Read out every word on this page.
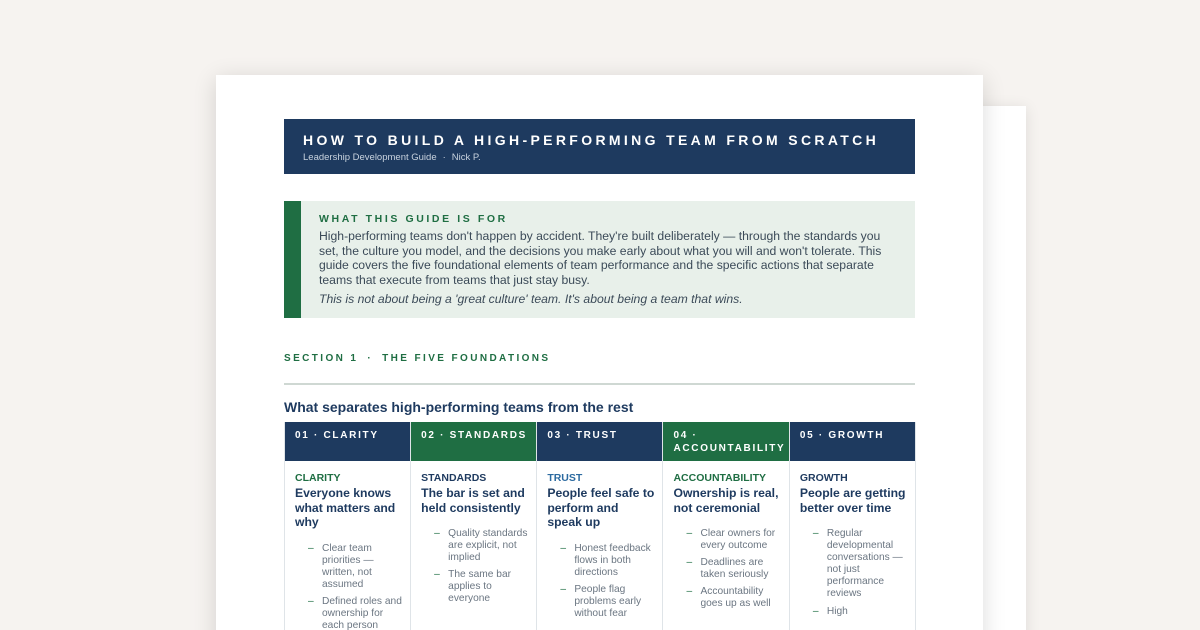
HOW TO BUILD A HIGH-PERFORMING TEAM FROM SCRATCH
Leadership Development Guide · Nick P.
WHAT THIS GUIDE IS FOR
High-performing teams don't happen by accident. They're built deliberately — through the standards you set, the culture you model, and the decisions you make early about what you will and won't tolerate. This guide covers the five foundational elements of team performance and the specific actions that separate teams that execute from teams that just stay busy.
This is not about being a 'great culture' team. It's about being a team that wins.
SECTION 1 · THE FIVE FOUNDATIONS
What separates high-performing teams from the rest
01 · CLARITY
CLARITY
Everyone knows what matters and why
– Clear team priorities — written, not assumed
– Defined roles and ownership for each person
02 · STANDARDS
STANDARDS
The bar is set and held consistently
– Quality standards are explicit, not implied
– The same bar applies to everyone
03 · TRUST
TRUST
People feel safe to perform and speak up
– Honest feedback flows in both directions
– People flag problems early without fear
04 · ACCOUNTABILITY
ACCOUNTABILITY
Ownership is real, not ceremonial
– Clear owners for every outcome
– Deadlines are taken seriously
– Accountability goes up as well
05 · GROWTH
GROWTH
People are getting better over time
– Regular developmental conversations — not just performance reviews
– High
